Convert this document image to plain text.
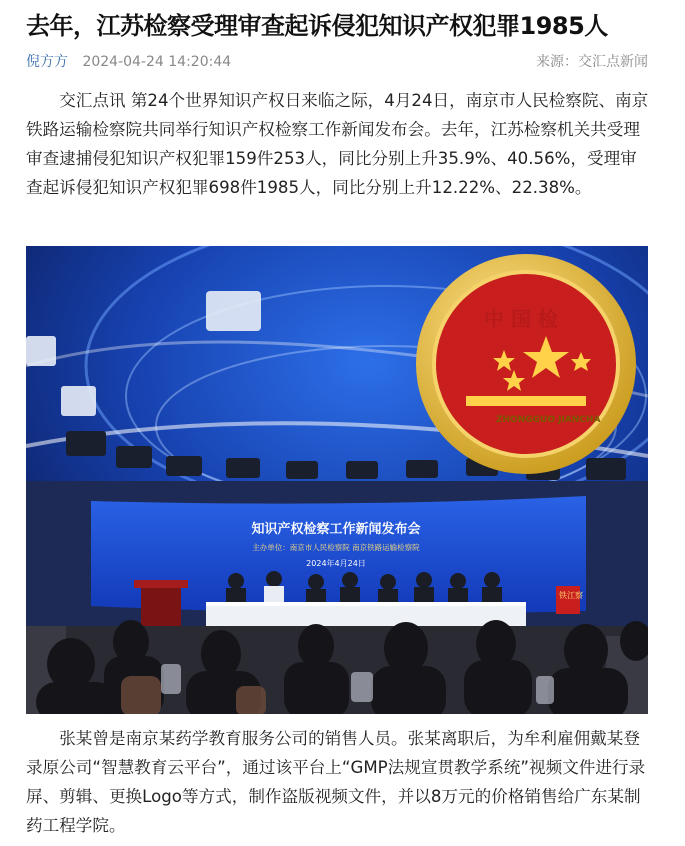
去年，江苏检察受理审查起诉侵犯知识产权犯罪1985人
倪方方 2024-04-24 14:20:44	来源：交汇点新闻

交汇点讯 第24个世界知识产权日来临之际，4月24日，南京市人民检察院、南京铁路运输检察院共同举行知识产权检察工作新闻发布会。去年，江苏检察机关共受理审查逮捕侵犯知识产权犯罪159件253人，同比分别上升35.9%、40.56%，受理审查起诉侵犯知识产权犯罪698件1985人，同比分别上升12.22%、22.38%。

中 国 检
ZHONGGUO JIANCHA
知识产权检察工作新闻发布会
主办单位：南京市人民检察院 南京铁路运输检察院
2024年4月24日
铁江察

张某曾是南京某药学教育服务公司的销售人员。张某离职后，为牟利雇佣戴某登录原公司“智慧教育云平台”，通过该平台上“GMP法规宣贯教学系统”视频文件进行录屏、剪辑、更换Logo等方式，制作盗版视频文件，并以8万元的价格销售给广东某制药工程学院。
